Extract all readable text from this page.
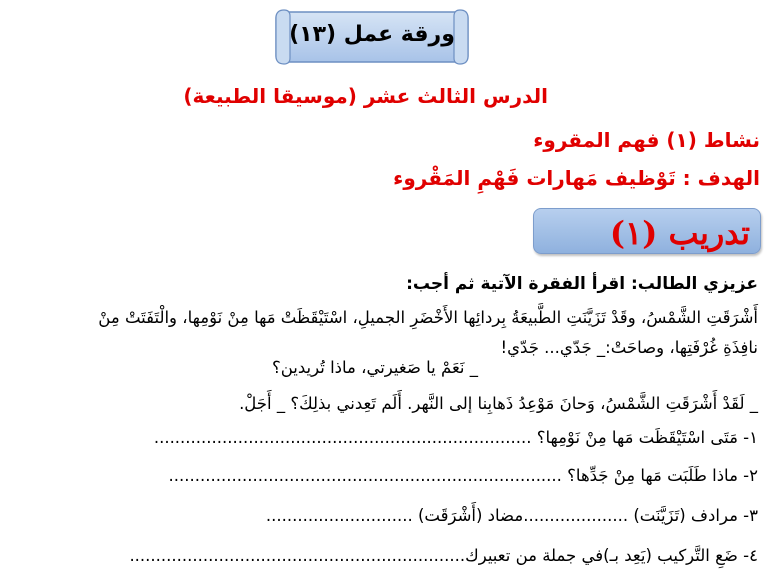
ورقة عمل (١٣)
الدرس الثالث عشر (موسيقا الطبيعة)
نشاط (١) فهم المقروء
الهدف : تَوْظيف مَهارات فَهْمِ المَقْروء
تدريب (١)
عزيزي الطالب: اقرأ الفقرة الآتية ثم أجب:
أَشْرَقَتِ الشَّمْسُ، وقَدْ تَزَيَّنَتِ الطَّبيعَةُ بِردائِها الأَخْضَرِ الجميلِ، اسْتَيْقَظَتْ مَها مِنْ نَوْمِها، والْتَفَتَتْ مِنْ
نافِذَةِ غُرْفَتِها، وصاحَتْ:_ جَدّي... جَدّي!
_ نَعَمْ يا صَغيرتي، ماذا تُريدين؟
_ لَقَدْ أَشْرَقَتِ الشَّمْسُ، وَحانَ مَوْعِدُ ذَهابِنا إلى النَّهر. أَلَم تَعِدني بذلِكَ؟ _ أَجَلْ.
١- مَتَى اسْتَيْقَظَت مَها مِنْ نَوْمِها؟ ........................................................................
٢- ماذا طَلَبَت مَها مِنْ جَدِّها؟ ...........................................................................
٣- مرادف (تَزَيَّنَت) ....................مضاد (أَشْرَقَت) ............................
٤- ضَعِ التَّركيب (يَعِد بـ)في جملة من تعبيرك................................................................
